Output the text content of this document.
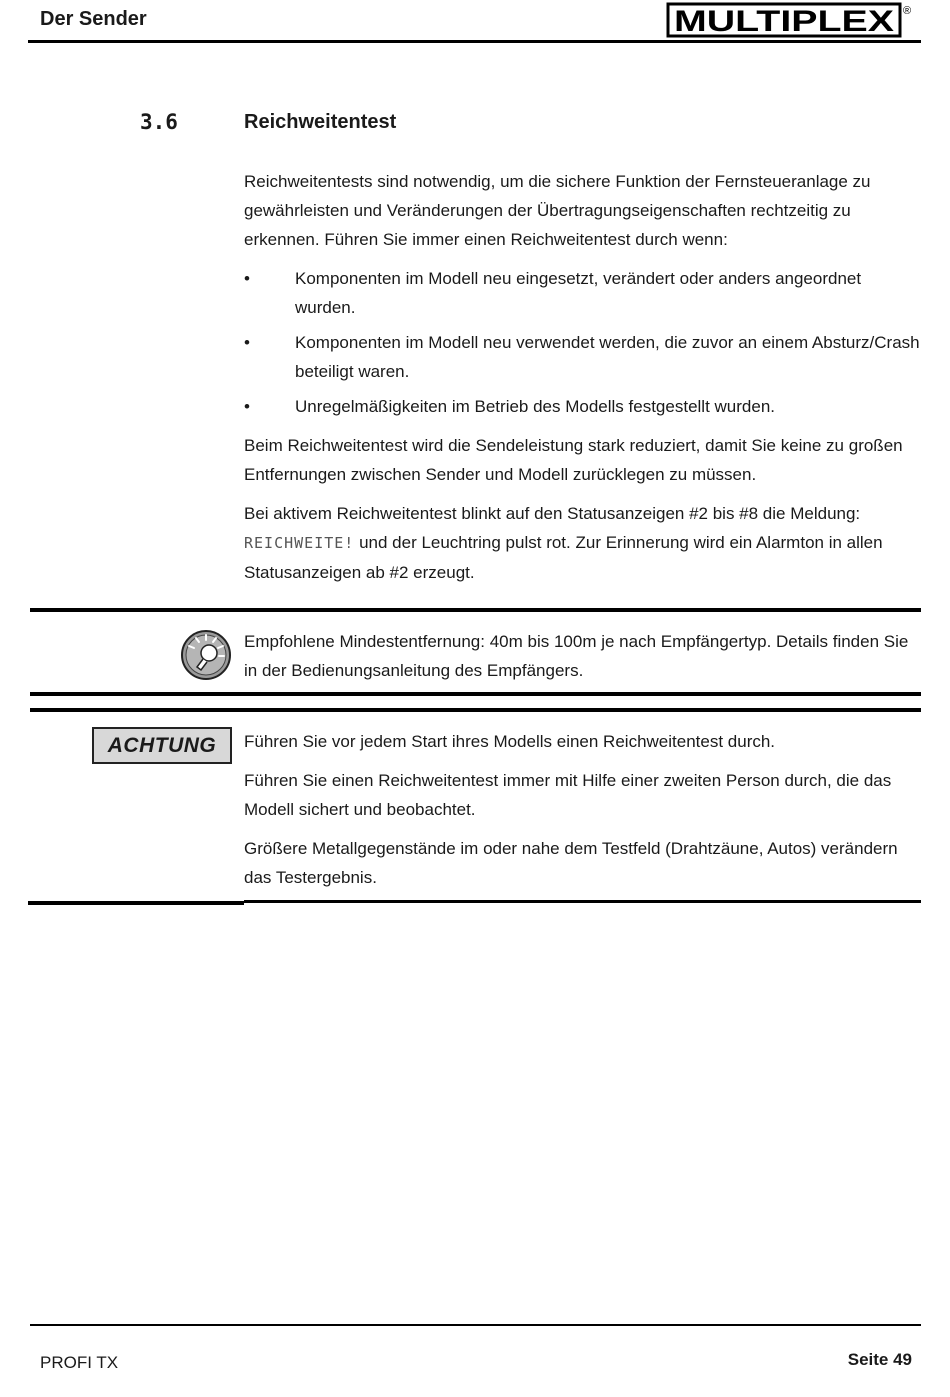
Der Sender	MULTIPLEX ®
3.6	Reichweitentest

Reichweitentests sind notwendig, um die sichere Funktion der Fernsteueranlage zu gewährleisten und Veränderungen der Übertragungseigenschaften rechtzeitig zu erkennen. Führen Sie immer einen Reichweitentest durch wenn:

•	Komponenten im Modell neu eingesetzt, verändert oder anders angeordnet wurden.
•	Komponenten im Modell neu verwendet werden, die zuvor an einem Absturz/Crash beteiligt waren.
•	Unregelmäßigkeiten im Betrieb des Modells festgestellt wurden.

Beim Reichweitentest wird die Sendeleistung stark reduziert, damit Sie keine zu großen Entfernungen zwischen Sender und Modell zurücklegen zu müssen.

Bei aktivem Reichweitentest blinkt auf den Statusanzeigen #2 bis #8 die Meldung: REICHWEITE! und der Leuchtring pulst rot. Zur Erinnerung wird ein Alarmton in allen Statusanzeigen ab #2 erzeugt.

Empfohlene Mindestentfernung: 40m bis 100m je nach Empfängertyp. Details finden Sie in der Bedienungsanleitung des Empfängers.
ACHTUNG	Führen Sie vor jedem Start ihres Modells einen Reichweitentest durch.

Führen Sie einen Reichweitentest immer mit Hilfe einer zweiten Person durch, die das Modell sichert und beobachtet.

Größere Metallgegenstände im oder nahe dem Testfeld (Drahtzäune, Autos) verändern das Testergebnis.

PROFI TX	Seite 49
